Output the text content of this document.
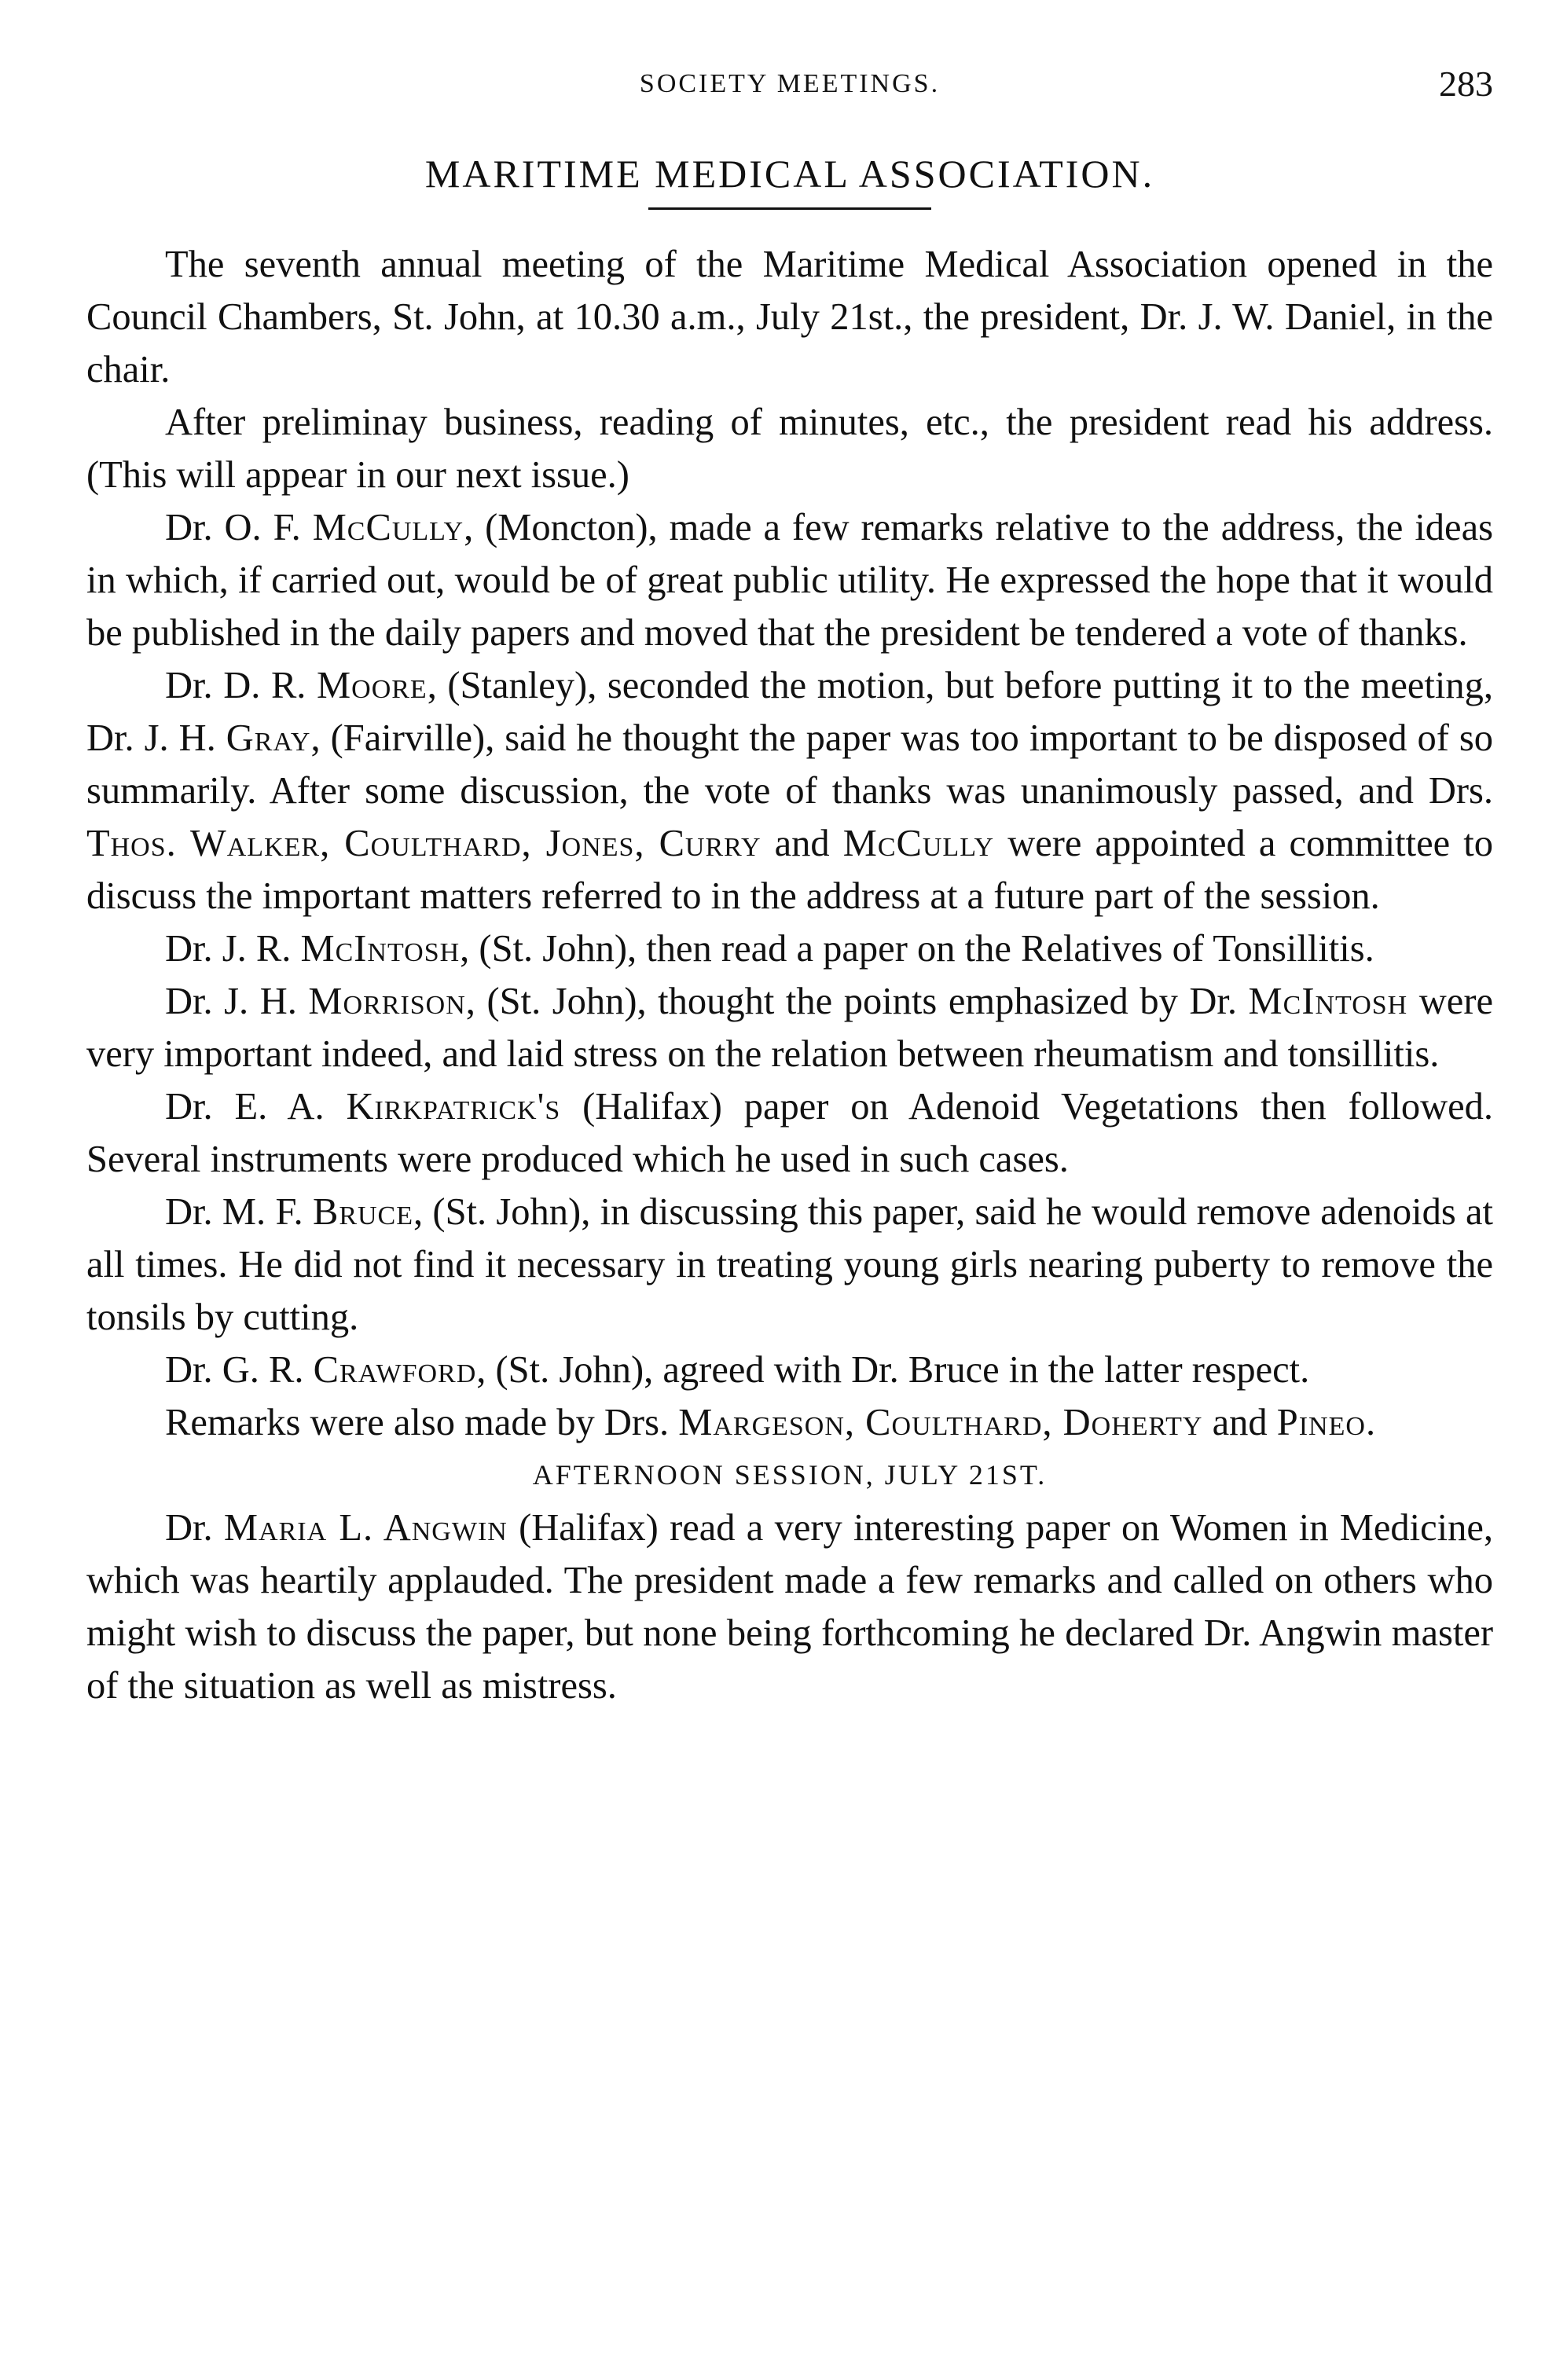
SOCIETY MEETINGS.	283
MARITIME MEDICAL ASSOCIATION.

The seventh annual meeting of the Maritime Medical Association opened in the Council Chambers, St. John, at 10.30 a.m., July 21st., the president, Dr. J. W. Daniel, in the chair.

After preliminay business, reading of minutes, etc., the president read his address. (This will appear in our next issue.)

Dr. O. F. McCully, (Moncton), made a few remarks relative to the address, the ideas in which, if carried out, would be of great public utility. He expressed the hope that it would be published in the daily papers and moved that the president be tendered a vote of thanks.

Dr. D. R. Moore, (Stanley), seconded the motion, but before putting it to the meeting, Dr. J. H. Gray, (Fairville), said he thought the paper was too important to be disposed of so summarily. After some discussion, the vote of thanks was unanimously passed, and Drs. Thos. Walker, Coulthard, Jones, Curry and McCully were appointed a committee to discuss the important matters referred to in the address at a future part of the session.

Dr. J. R. McIntosh, (St. John), then read a paper on the Relatives of Tonsillitis.

Dr. J. H. Morrison, (St. John), thought the points emphasized by Dr. McIntosh were very important indeed, and laid stress on the relation between rheumatism and tonsillitis.

Dr. E. A. Kirkpatrick's (Halifax) paper on Adenoid Vegetations then followed. Several instruments were produced which he used in such cases.

Dr. M. F. Bruce, (St. John), in discussing this paper, said he would remove adenoids at all times. He did not find it necessary in treating young girls nearing puberty to remove the tonsils by cutting.

Dr. G. R. Crawford, (St. John), agreed with Dr. Bruce in the latter respect.

Remarks were also made by Drs. Margeson, Coulthard, Doherty and Pineo.

AFTERNOON SESSION, JULY 21ST.

Dr. Maria L. Angwin (Halifax) read a very interesting paper on Women in Medicine, which was heartily applauded. The president made a few remarks and called on others who might wish to discuss the paper, but none being forthcoming he declared Dr. Angwin master of the situation as well as mistress.
